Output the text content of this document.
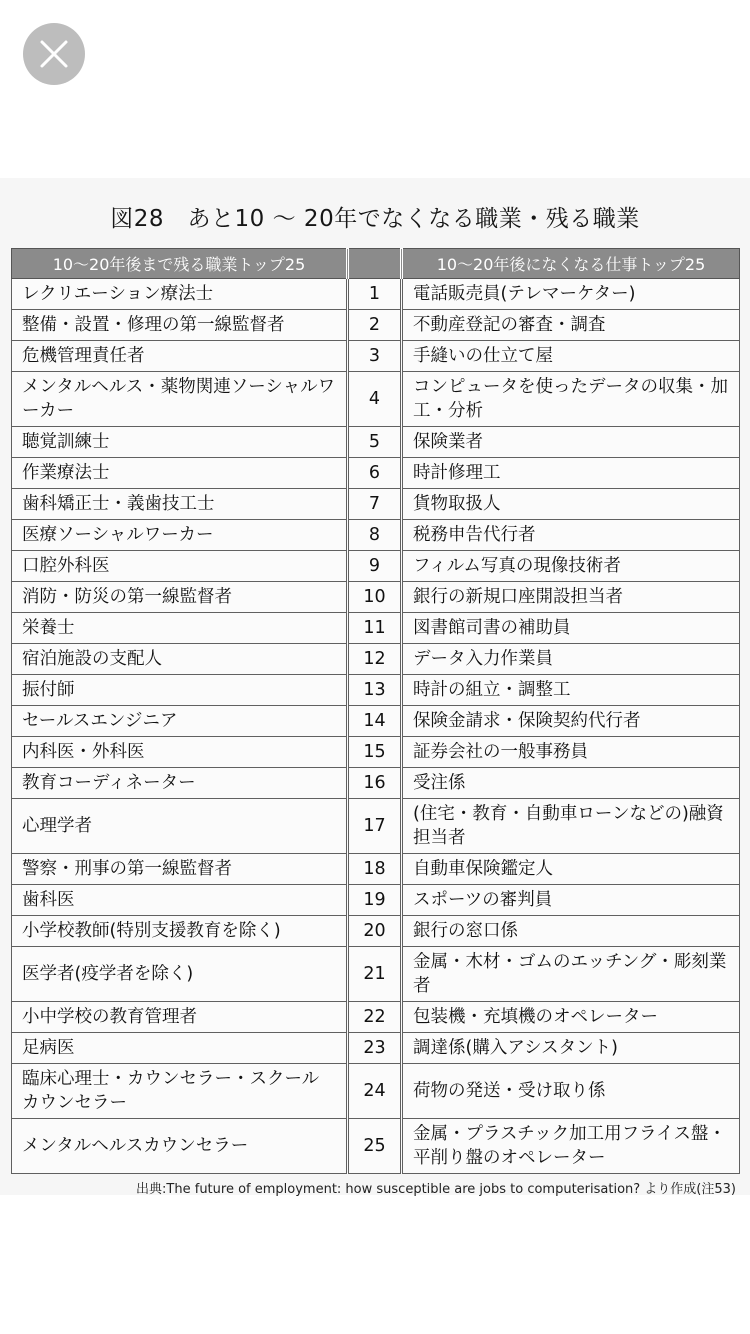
図28　あと10 ～ 20年でなくなる職業・残る職業
10～20年後まで残る職業トップ25		10～20年後になくなる仕事トップ25
レクリエーション療法士	1	電話販売員(テレマーケター)
整備・設置・修理の第一線監督者	2	不動産登記の審査・調査
危機管理責任者	3	手縫いの仕立て屋
メンタルヘルス・薬物関連ソーシャルワーカー	4	コンピュータを使ったデータの収集・加工・分析
聴覚訓練士	5	保険業者
作業療法士	6	時計修理工
歯科矯正士・義歯技工士	7	貨物取扱人
医療ソーシャルワーカー	8	税務申告代行者
口腔外科医	9	フィルム写真の現像技術者
消防・防災の第一線監督者	10	銀行の新規口座開設担当者
栄養士	11	図書館司書の補助員
宿泊施設の支配人	12	データ入力作業員
振付師	13	時計の組立・調整工
セールスエンジニア	14	保険金請求・保険契約代行者
内科医・外科医	15	証券会社の一般事務員
教育コーディネーター	16	受注係
心理学者	17	(住宅・教育・自動車ローンなどの)融資担当者
警察・刑事の第一線監督者	18	自動車保険鑑定人
歯科医	19	スポーツの審判員
小学校教師(特別支援教育を除く)	20	銀行の窓口係
医学者(疫学者を除く)	21	金属・木材・ゴムのエッチング・彫刻業者
小中学校の教育管理者	22	包装機・充填機のオペレーター
足病医	23	調達係(購入アシスタント)
臨床心理士・カウンセラー・スクールカウンセラー	24	荷物の発送・受け取り係
メンタルヘルスカウンセラー	25	金属・プラスチック加工用フライス盤・平削り盤のオペレーター
出典:The future of employment: how susceptible are jobs to computerisation? より作成(注53)
